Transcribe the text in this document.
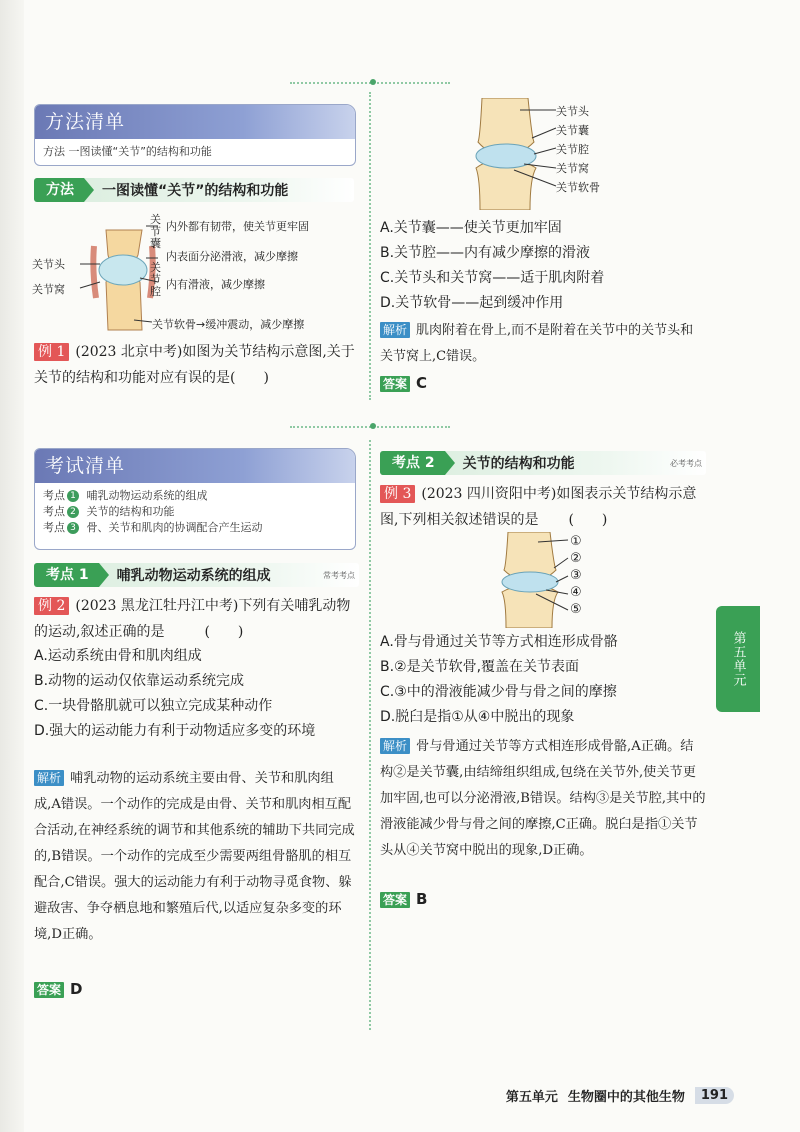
方法清单
方法 一图读懂“关节”的结构和功能
方法	一图读懂“关节”的结构和功能
关节头
关节窝
关节囊
内外都有韧带，使关节更牢固
内表面分泌滑液，减少摩擦
关节腔
内有滑液，减少摩擦
关节软骨→缓冲震动，减少摩擦
例 1 (2023 北京中考)如图为关节结构示意图,关于关节的结构和功能对应有误的是(　　)
关节头
关节囊
关节腔
关节窝
关节软骨
A.关节囊——使关节更加牢固
B.关节腔——内有减少摩擦的滑液
C.关节头和关节窝——适于肌肉附着
D.关节软骨——起到缓冲作用
解析 肌肉附着在骨上,而不是附着在关节中的关节头和关节窝上,C错误。
答案 C
考试清单
考点 1
哺乳动物运动系统的组成
考点 2
关节的结构和功能
考点 3
骨、关节和肌肉的协调配合产生运动
考点 1	哺乳动物运动系统的组成	常考考点
例 2 (2023 黑龙江牡丹江中考)下列有关哺乳动物的运动,叙述正确的是	(　　)
A.运动系统由骨和肌肉组成
B.动物的运动仅依靠运动系统完成
C.一块骨骼肌就可以独立完成某种动作
D.强大的运动能力有利于动物适应多变的环境
解析 哺乳动物的运动系统主要由骨、关节和肌肉组成,A错误。一个动作的完成是由骨、关节和肌肉相互配合活动,在神经系统的调节和其他系统的辅助下共同完成的,B错误。一个动作的完成至少需要两组骨骼肌的相互配合,C错误。强大的运动能力有利于动物寻觅食物、躲避敌害、争夺栖息地和繁殖后代,以适应复杂多变的环境,D正确。
答案 D
考点 2	关节的结构和功能	必考考点
例 3 (2023 四川资阳中考)如图表示关节结构示意图,下列相关叙述错误的是 (　　)
①
②
③
④
⑤
A.骨与骨通过关节等方式相连形成骨骼
B.②是关节软骨,覆盖在关节表面
C.③中的滑液能减少骨与骨之间的摩擦
D.脱臼是指①从④中脱出的现象
解析 骨与骨通过关节等方式相连形成骨骼,A正确。结构②是关节囊,由结缔组织组成,包绕在关节外,使关节更加牢固,也可以分泌滑液,B错误。结构③是关节腔,其中的滑液能减少骨与骨之间的摩擦,C正确。脱臼是指①关节头从④关节窝中脱出的现象,D正确。
答案 B
第五单元
第五单元 生物圈中的其他生物	191
